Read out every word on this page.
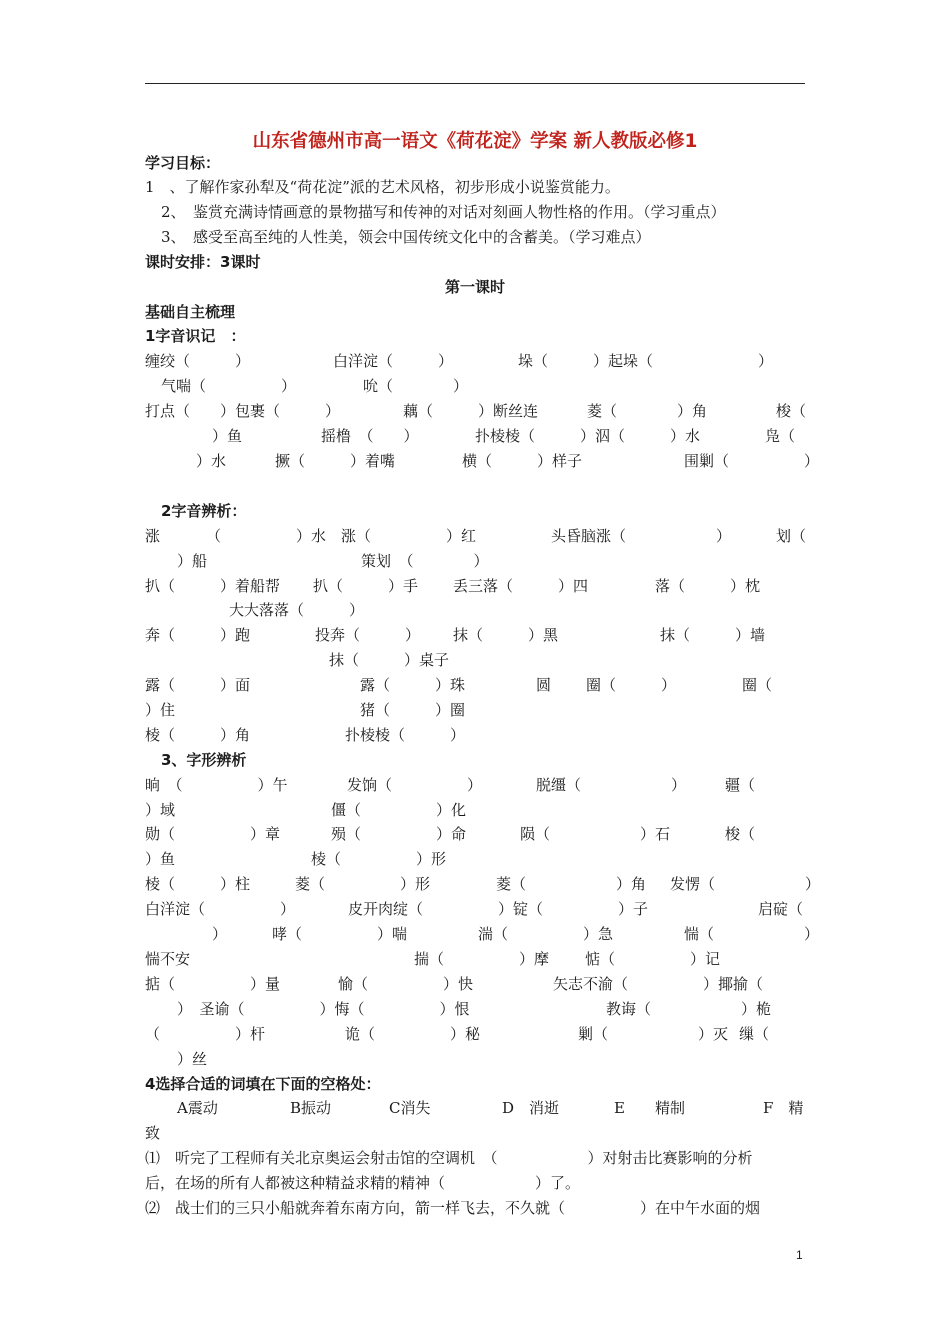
山东省德州市高一语文《荷花淀》学案 新人教版必修1
学习目标：
1　、了解作家孙犁及“荷花淀”派的艺术风格，初步形成小说鉴赏能力。
2、　鉴赏充满诗情画意的景物描写和传神的对话对刻画人物性格的作用。（学习重点）
3、　感受至高至纯的人性美，领会中国传统文化中的含蓄美。（学习难点）
课时安排：3课时
第一课时
基础自主梳理
1字音识记　：
缠绞（　　　）	白洋淀（　　　）	垛（　　　）起垛（　　　　　　　）
气喘（　　　　　）	吮（　　　　）
打点（　　）包裹（　　　）	藕（　　　）断丝连	菱（　　　　）角	梭（
）鱼	摇橹　（　　）	扑棱棱（　　　）泅（　　　）水	凫（
）水	撅（　　　）着嘴	横（　　　）样子	围剿（　　　　　）
2字音辨析：
涨	（　　　　　）水　涨（　　　　　）红	头昏脑涨（　　　　　　）	划（
）船	策划　（　　　　）
扒（　　　）着船帮 扒（　　　）手 丢三落（　　　）四	落（　　　）枕
大大落落（　　　）
奔（　　　）跑	投奔（　　　） 抹（　　　）黑	抹（　　　）墙
抹（　　　）桌子
露（　　　）面	露（　　　）珠	圆 圈（　　　）	圈（
）住	猪（　　　）圈
棱（　　　）角	扑棱棱（　　　）
3、字形辨析
晌　（　　　　　）午	发饷（　　　　　）	脱缰（　　　　　　）	疆（
）域	僵（　　　　　）化
勋（　　　　　）章	殒（　　　　　）命	陨（　　　　　　）石	梭（
）鱼	棱（　　　　　）形
棱（　　　）柱	菱（　　　　　）形	菱（　　　　　　）角 发愣（　　　　　　）
白洋淀（　　　　　）	皮开肉绽（　　　　　）锭（　　　　　）子	启碇（
）	哮（　　　　　）喘	湍（　　　　　）急	惴（　　　　　　）
惴不安	揣（　　　　　）摩 惦（　　　　　）记
掂（　　　　　）量	愉（　　　　　）快	矢志不渝（　　　　　）揶揄（
）　圣谕（　　　　　）悔（　　　　　）恨	教诲（　　　　　　）桅
（　　　　　）杆	诡（　　　　　）秘	剿（　　　　　　）灭 缫（
）丝
4选择合适的词填在下面的空格处：
A震动	B振动	C消失	D　消逝	E　　精制	F　精
致
⑴　听完了工程师有关北京奥运会射击馆的空调机　（　　　　　　）对射击比赛影响的分析
后，在场的所有人都被这种精益求精的精神（　　　　　　）了。
⑵　战士们的三只小船就奔着东南方向，箭一样飞去，不久就（　　　　　）在中午水面的烟
1
